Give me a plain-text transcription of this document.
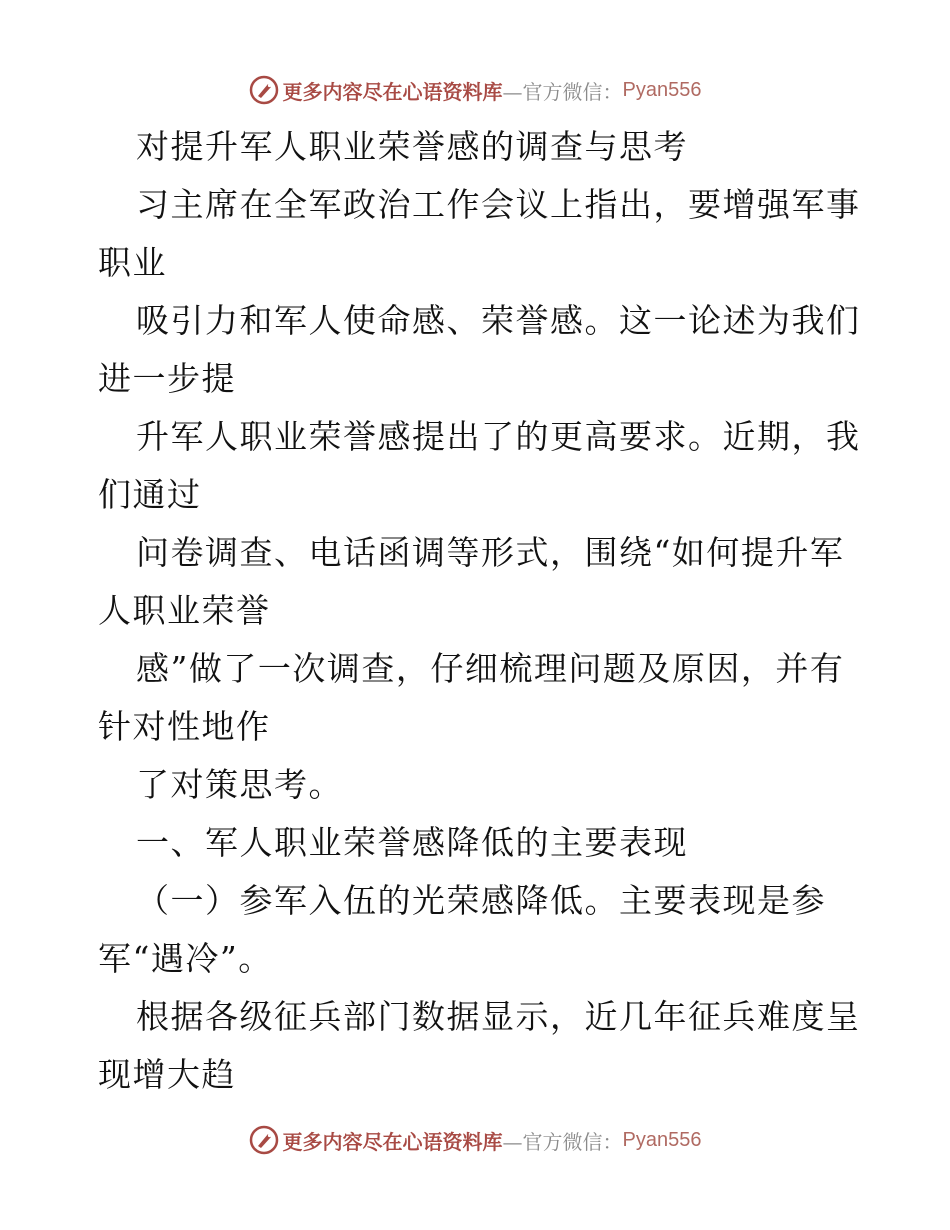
更多内容尽在心语资料库 —官方微信： Pyan556
对提升军人职业荣誉感的调查与思考
习主席在全军政治工作会议上指出，要增强军事
职业
吸引力和军人使命感、荣誉感。这一论述为我们
进一步提
升军人职业荣誉感提出了的更高要求。近期，我
们通过
问卷调查、电话函调等形式，围绕“如何提升军
人职业荣誉
感”做了一次调查，仔细梳理问题及原因，并有
针对性地作
了对策思考。
一、军人职业荣誉感降低的主要表现
（一）参军入伍的光荣感降低。主要表现是参
军“遇冷”。
根据各级征兵部门数据显示，近几年征兵难度呈
现增大趋
更多内容尽在心语资料库 —官方微信： Pyan556
